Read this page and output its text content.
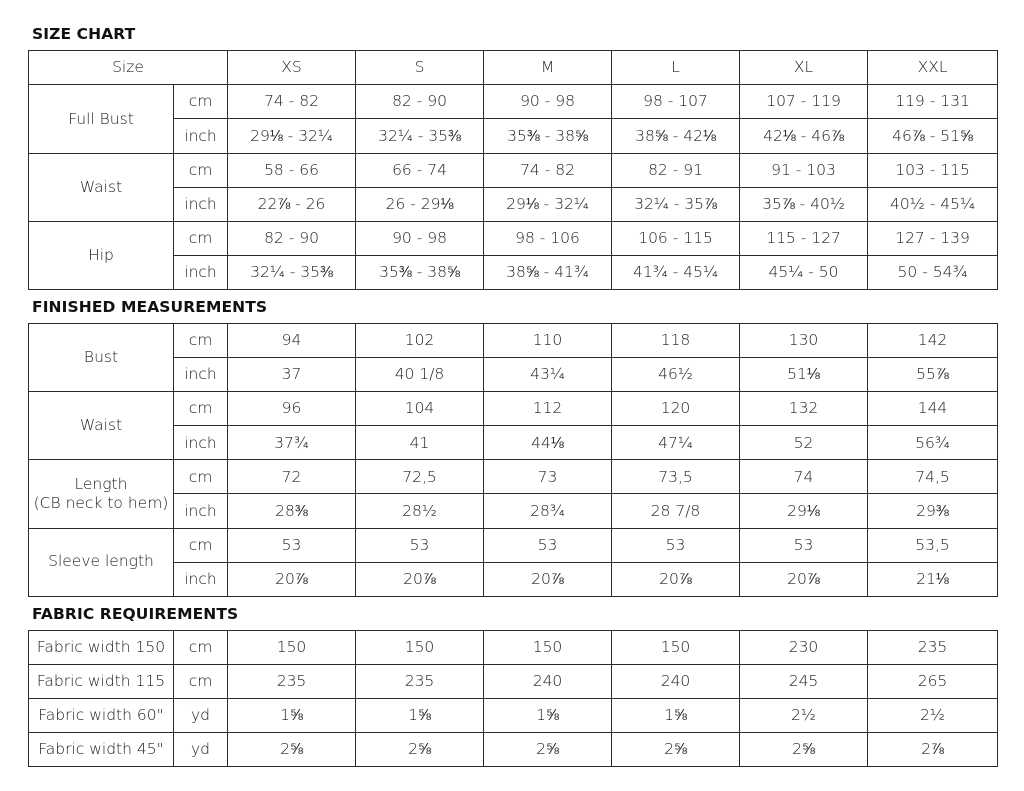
SIZE CHART
Size		XS	S	M	L	XL	XXL
Full Bust	cm	74 - 82	82 - 90	90 - 98	98 - 107	107 - 119	119 - 131
	inch	29⅛ - 32¼	32¼ - 35⅜	35⅜ - 38⅝	38⅝ - 42⅛	42⅛ - 46⅞	46⅞ - 51⅝
Waist	cm	58 - 66	66 - 74	74 - 82	82 - 91	91 - 103	103 - 115
	inch	22⅞ - 26	26 - 29⅛	29⅛ - 32¼	32¼ - 35⅞	35⅞ - 40½	40½ - 45¼
Hip	cm	82 - 90	90 - 98	98 - 106	106 - 115	115 - 127	127 - 139
	inch	32¼ - 35⅜	35⅜ - 38⅝	38⅝ - 41¾	41¾ - 45¼	45¼ - 50	50 - 54¾
FINISHED MEASUREMENTS
Bust	cm	94	102	110	118	130	142
	inch	37	40 1/8	43¼	46½	51⅛	55⅞

Waist	cm	96	104	112	120	132	144
	inch	37¾	41	44⅛	47¼	52	56¾

Length
(CB neck to hem)	cm	72	72,5	73	73,5	74	74,5
	inch	28⅜	28½	28¾	28 7/8	29⅛	29⅜

Sleeve length	cm	53	53	53	53	53	53,5
	inch	20⅞	20⅞	20⅞	20⅞	20⅞	21⅛
FABRIC REQUIREMENTS
Fabric width 150	cm	150	150	150	150	230	235
Fabric width 115	cm	235	235	240	240	245	265
Fabric width 60"	yd	1⅝	1⅝	1⅝	1⅝	2½	2½
Fabric width 45"	yd	2⅝	2⅝	2⅝	2⅝	2⅝	2⅞
